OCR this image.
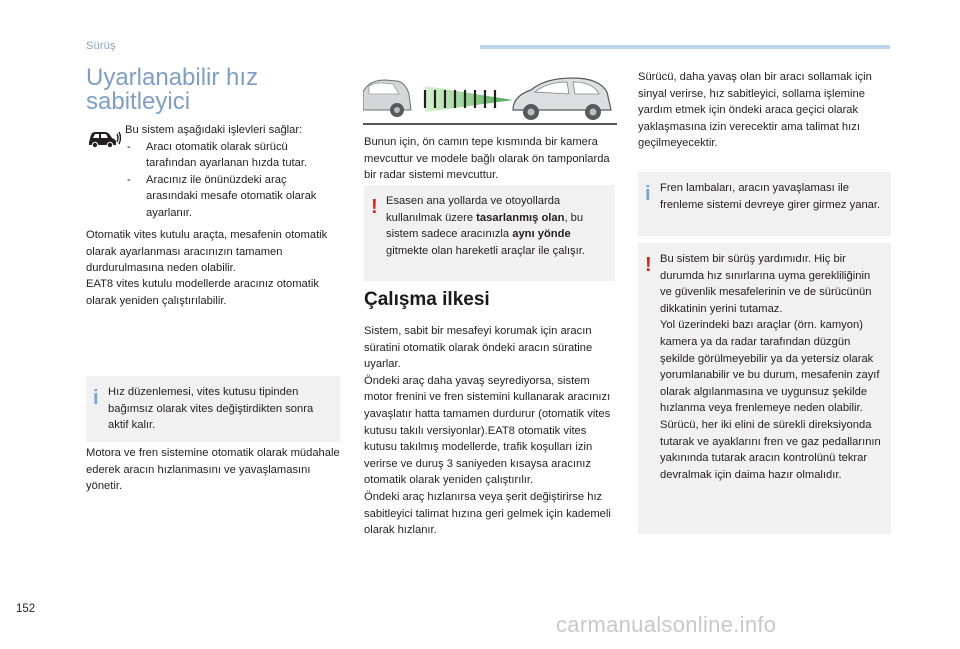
Sürüş
Uyarlanabilir hız sabitleyici
Bu sistem aşağıdaki işlevleri sağlar:
- Aracı otomatik olarak sürücü tarafından ayarlanan hızda tutar.
- Aracınız ile önünüzdeki araç arasındaki mesafe otomatik olarak ayarlanır.
Otomatik vites kutulu araçta, mesafenin otomatik olarak ayarlanması aracınızın tamamen durdurulmasına neden olabilir.
EAT8 vites kutulu modellerde aracınız otomatik olarak yeniden çalıştırılabilir.
i Hız düzenlemesi, vites kutusu tipinden bağımsız olarak vites değiştirdikten sonra aktif kalır.
Motora ve fren sistemine otomatik olarak müdahale ederek aracın hızlanmasını ve yavaşlamasını yönetir.
Bunun için, ön camın tepe kısmında bir kamera mevcuttur ve modele bağlı olarak ön tamponlarda bir radar sistemi mevcuttur.
! Esasen ana yollarda ve otoyollarda kullanılmak üzere tasarlanmış olan, bu sistem sadece aracınızla aynı yönde gitmekte olan hareketli araçlar ile çalışır.
Çalışma ilkesi
Sistem, sabit bir mesafeyi korumak için aracın süratini otomatik olarak öndeki aracın süratine uyarlar.
Öndeki araç daha yavaş seyrediyorsa, sistem motor frenini ve fren sistemini kullanarak aracınızı yavaşlatır hatta tamamen durdurur (otomatik vites kutusu takılı versiyonlar).EAT8 otomatik vites kutusu takılmış modellerde, trafik koşulları izin verirse ve duruş 3 saniyeden kısaysa aracınız otomatik olarak yeniden çalıştırılır.
Öndeki araç hızlanırsa veya şerit değiştirirse hız sabitleyici talimat hızına geri gelmek için kademeli olarak hızlanır.
Sürücü, daha yavaş olan bir aracı sollamak için sinyal verirse, hız sabitleyici, sollama işlemine yardım etmek için öndeki araca geçici olarak yaklaşmasına izin verecektir ama talimat hızı geçilmeyecektir.
i Fren lambaları, aracın yavaşlaması ile frenleme sistemi devreye girer girmez yanar.
! Bu sistem bir sürüş yardımıdır. Hiç bir durumda hız sınırlarına uyma gerekliliğinin ve güvenlik mesafelerinin ve de sürücünün dikkatinin yerini tutamaz.
Yol üzerindeki bazı araçlar (örn. kamyon) kamera ya da radar tarafından düzgün şekilde görülmeyebilir ya da yetersiz olarak yorumlanabilir ve bu durum, mesafenin zayıf olarak algılanmasına ve uygunsuz şekilde hızlanma veya frenlemeye neden olabilir.
Sürücü, her iki elini de sürekli direksiyonda tutarak ve ayaklarını fren ve gaz pedallarının yakınında tutarak aracın kontrolünü tekrar devralmak için daima hazır olmalıdır.
152
carmanualsonline.info
